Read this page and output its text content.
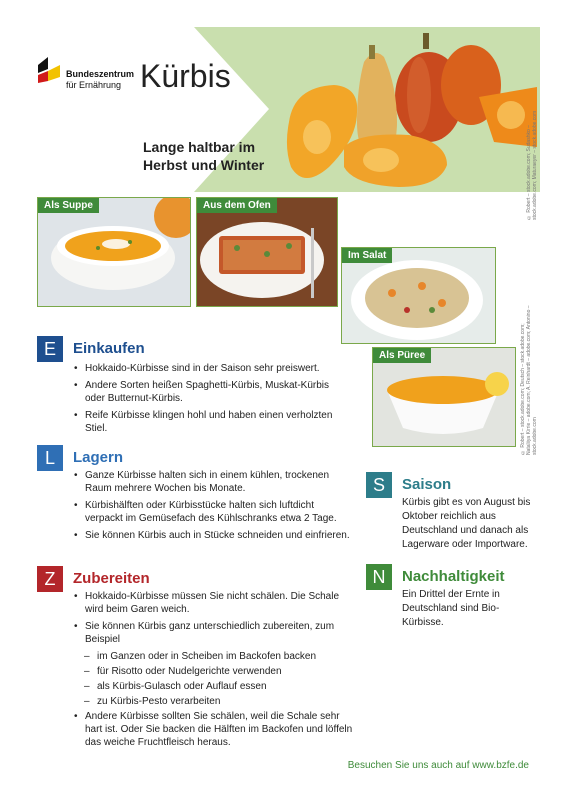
Bundeszentrum
für Ernährung Kürbis
Lange haltbar im
Herbst und Winter	© Robert – stock.adobe.com; Sudashko – stock.adobe.com; Maturaeyer – stock.adobe.com
Als Suppe	Aus dem Ofen
Im Salat
Als Püree	© Robert – stock.adobe.com; Deutsch – stock.adobe.com; Nataliiya Kirrie – adobe.com; A. Reinhardt – adobe.com; Antonino – stock.adobe.com
E	Einkaufen
• Hokkaido-Kürbisse sind in der Saison sehr preiswert.
• Andere Sorten heißen Spaghetti-Kürbis, Muskat-Kürbis oder Butternut-Kürbis.
• Reife Kürbisse klingen hohl und haben einen verholzten Stiel.
L	Lagern
• Ganze Kürbisse halten sich in einem kühlen, trockenen Raum mehrere Wochen bis Monate.
• Kürbishälften oder Kürbisstücke halten sich luftdicht verpackt im Gemüsefach des Kühlschranks etwa 2 Tage.
• Sie können Kürbis auch in Stücke schneiden und einfrieren.
Z	Zubereiten
• Hokkaido-Kürbisse müssen Sie nicht schälen. Die Schale wird beim Garen weich.
• Sie können Kürbis ganz unterschiedlich zubereiten, zum Beispiel
– im Ganzen oder in Scheiben im Backofen backen
– für Risotto oder Nudelgerichte verwenden
– als Kürbis-Gulasch oder Auflauf essen
– zu Kürbis-Pesto verarbeiten
• Andere Kürbisse sollten Sie schälen, weil die Schale sehr hart ist. Oder Sie backen die Hälften im Backofen und löffeln das weiche Fruchtfleisch heraus.
S	Saison
Kürbis gibt es von August bis Oktober reichlich aus Deutschland und danach als Lagerware oder Importware.
N	Nachhaltigkeit
Ein Drittel der Ernte in Deutschland sind Bio-Kürbisse.
Besuchen Sie uns auch auf www.bzfe.de
